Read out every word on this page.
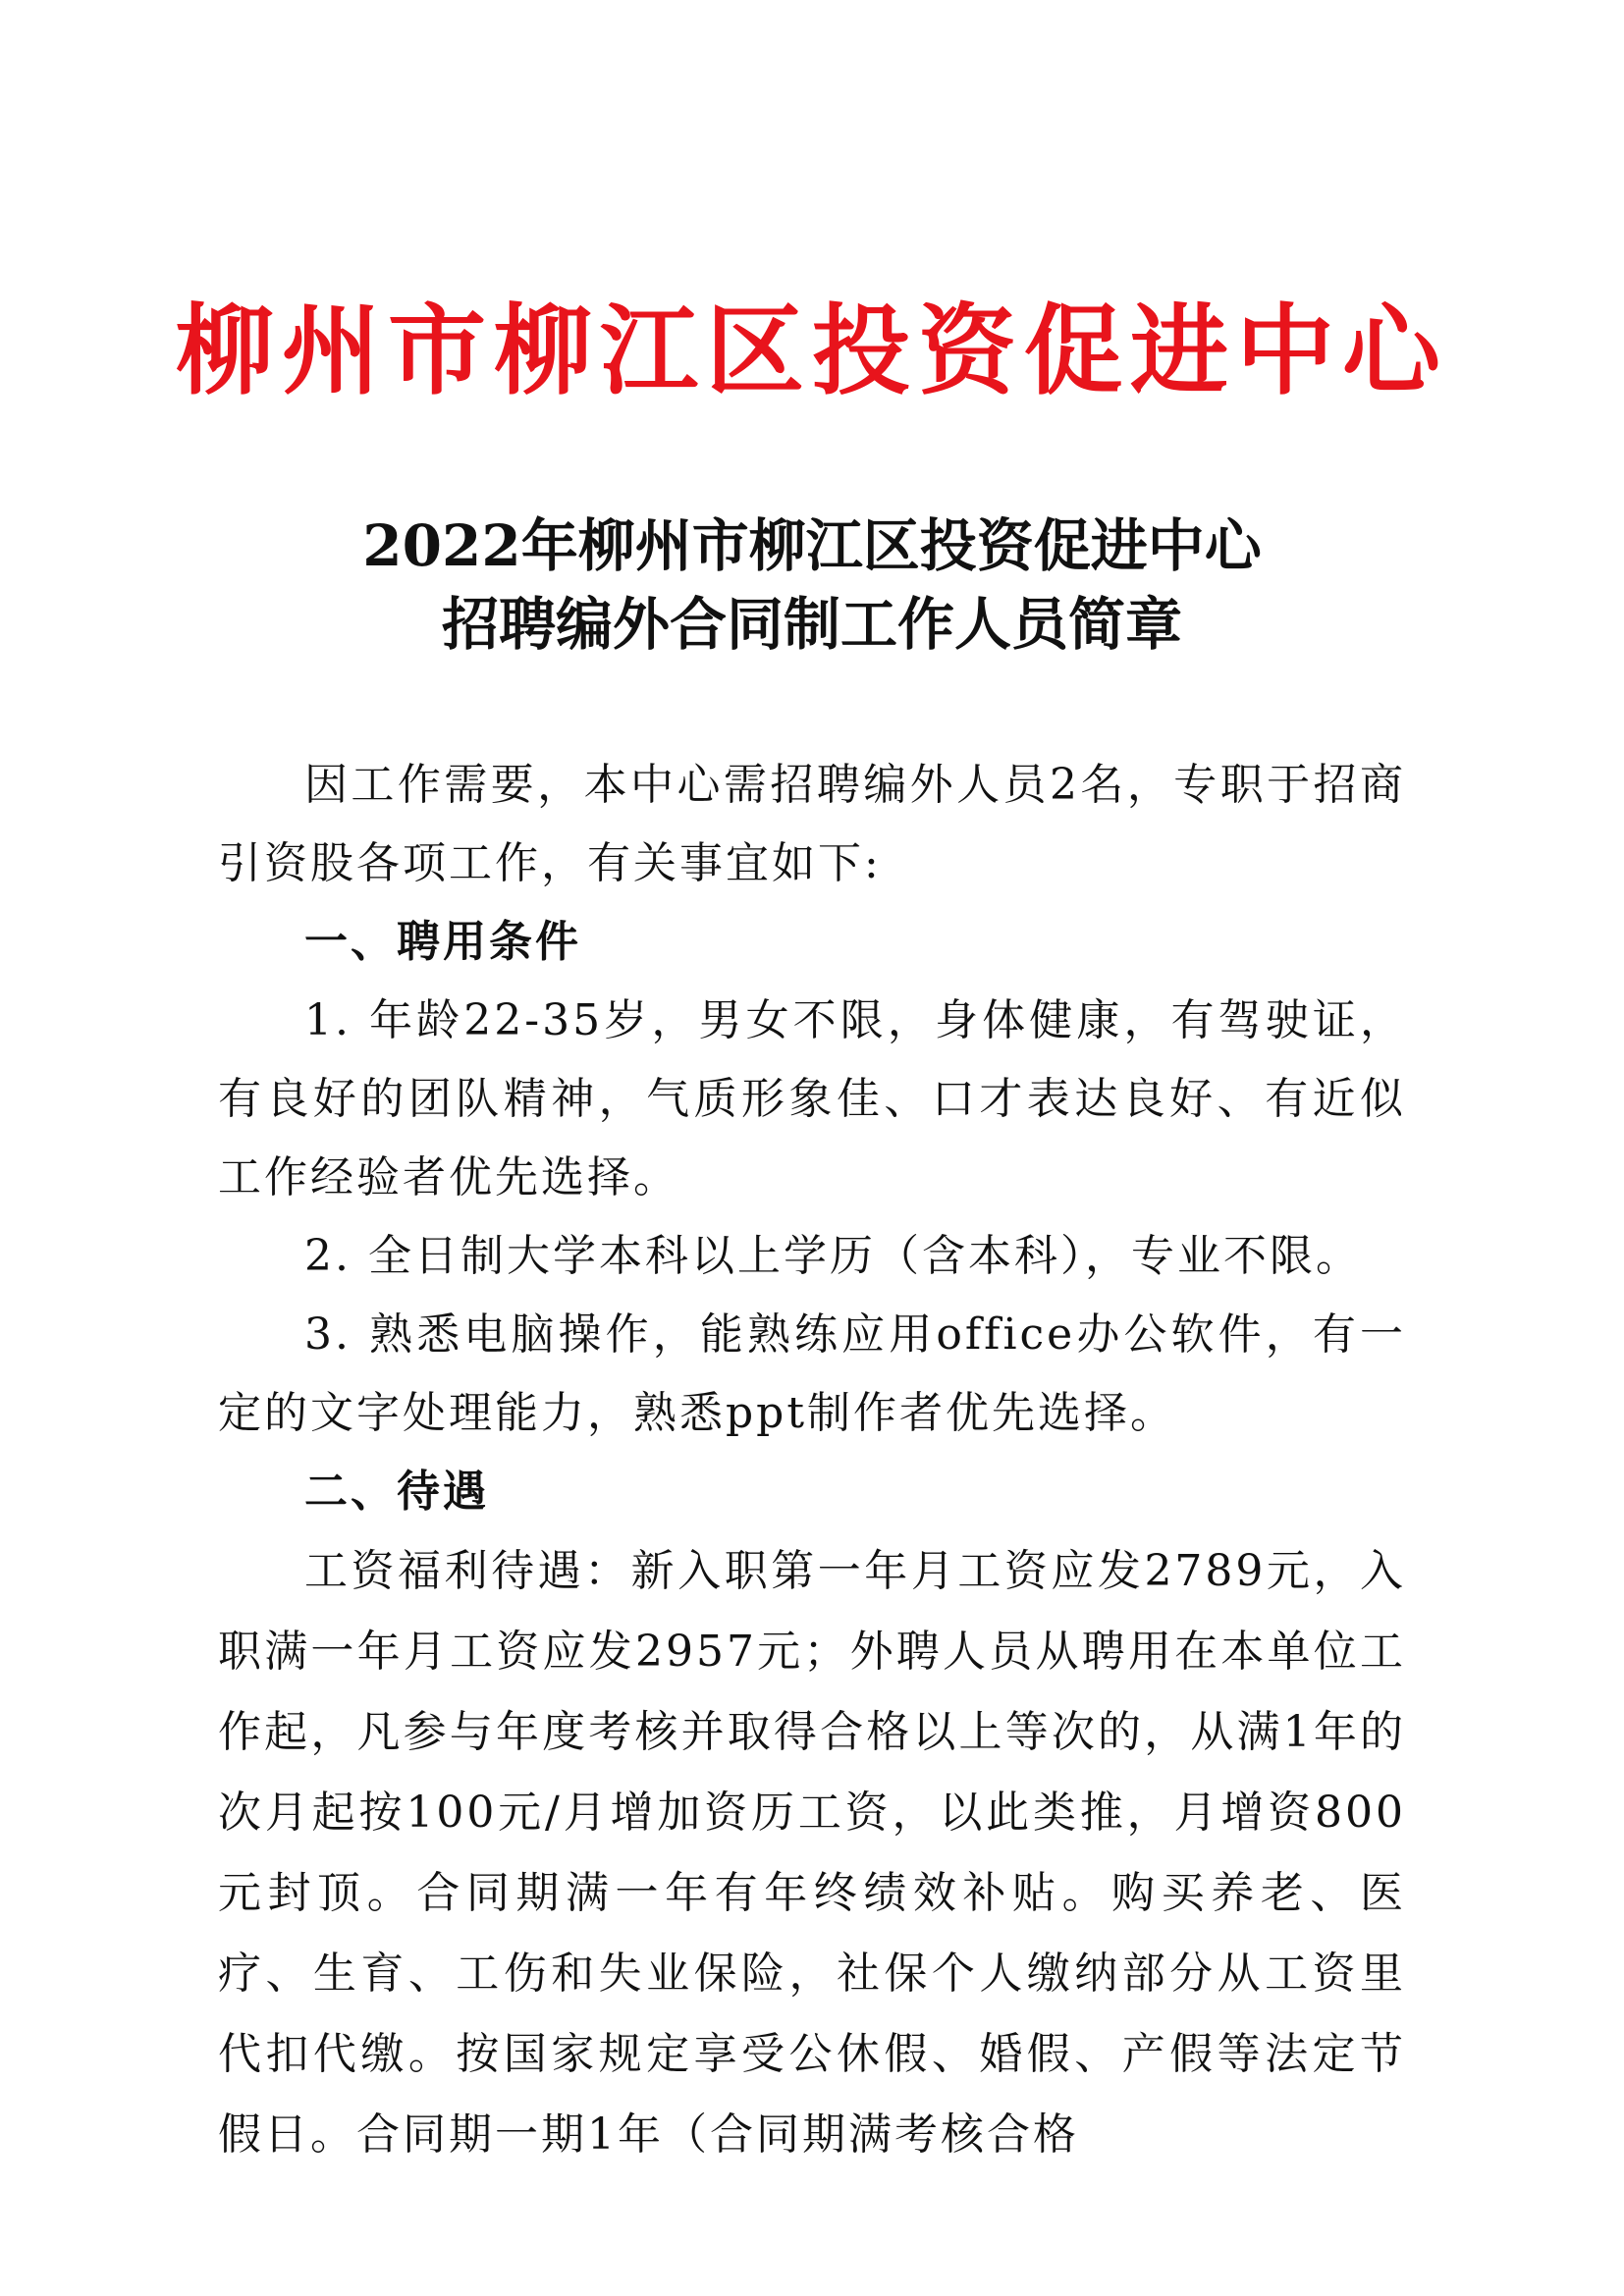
柳州市柳江区投资促进中心
2022年柳州市柳江区投资促进中心
招聘编外合同制工作人员简章

因工作需要，本中心需招聘编外人员2名，专职于招商引资股各项工作，有关事宜如下:

一、聘用条件

1. 年龄22-35岁，男女不限，身体健康，有驾驶证，有良好的团队精神，气质形象佳、口才表达良好、有近似工作经验者优先选择。

2. 全日制大学本科以上学历（含本科），专业不限。

3. 熟悉电脑操作，能熟练应用office办公软件，有一定的文字处理能力，熟悉ppt制作者优先选择。

二、待遇

工资福利待遇：新入职第一年月工资应发2789元，入职满一年月工资应发2957元；外聘人员从聘用在本单位工作起，凡参与年度考核并取得合格以上等次的，从满1年的次月起按100元/月增加资历工资，以此类推，月增资800元封顶。合同期满一年有年终绩效补贴。购买养老、医疗、生育、工伤和失业保险，社保个人缴纳部分从工资里代扣代缴。按国家规定享受公休假、婚假、产假等法定节假日。合同期一期1年（合同期满考核合格
